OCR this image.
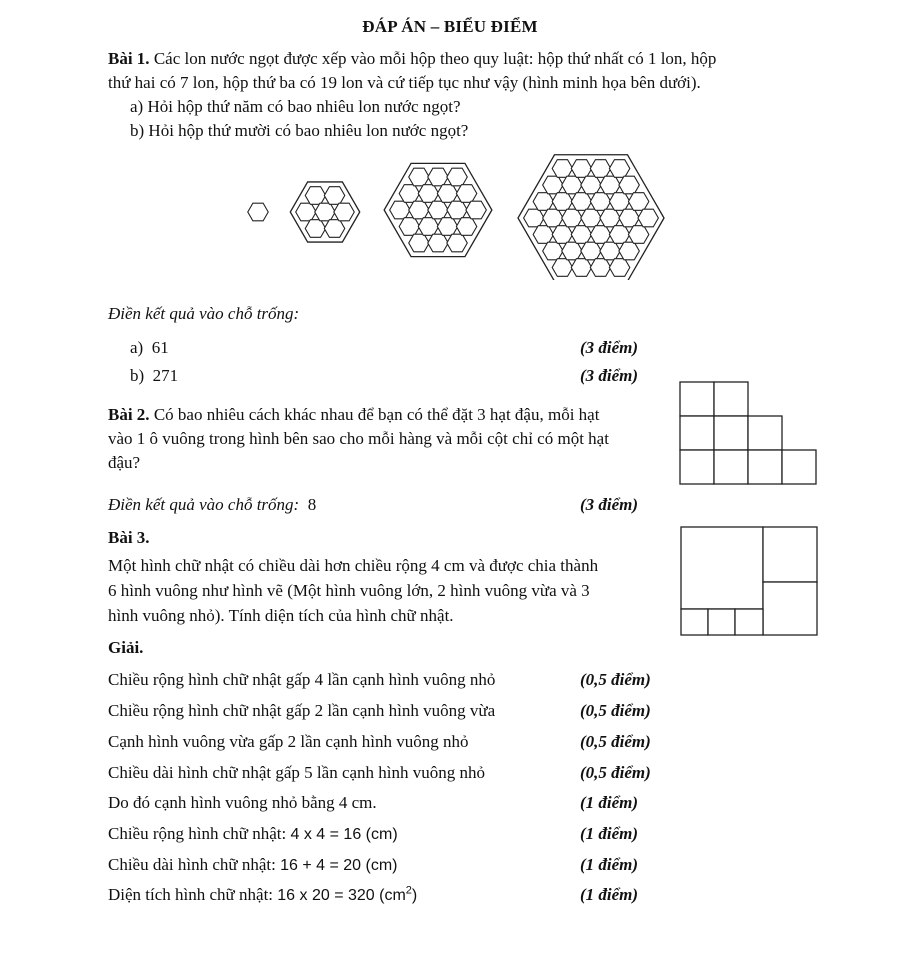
ĐÁP ÁN – BIỂU ĐIỂM
Bài 1. Các lon nước ngọt được xếp vào mỗi hộp theo quy luật: hộp thứ nhất có 1 lon, hộp
thứ hai có 7 lon, hộp thứ ba có 19 lon và cứ tiếp tục như vậy (hình minh họa bên dưới).
a) Hỏi hộp thứ năm có bao nhiêu lon nước ngọt?
b) Hỏi hộp thứ mười có bao nhiêu lon nước ngọt?
Điền kết quả vào chỗ trống:
a) 61	(3 điểm)
b) 271	(3 điểm)
Bài 2. Có bao nhiêu cách khác nhau để bạn có thể đặt 3 hạt đậu, mỗi hạt
vào 1 ô vuông trong hình bên sao cho mỗi hàng và mỗi cột chỉ có một hạt
đậu?
Điền kết quả vào chỗ trống: 8	(3 điểm)
Bài 3.
Một hình chữ nhật có chiều dài hơn chiều rộng 4 cm và được chia thành
6 hình vuông như hình vẽ (Một hình vuông lớn, 2 hình vuông vừa và 3
hình vuông nhỏ). Tính diện tích của hình chữ nhật.
Giải.
Chiều rộng hình chữ nhật gấp 4 lần cạnh hình vuông nhỏ	(0,5 điểm)
Chiều rộng hình chữ nhật gấp 2 lần cạnh hình vuông vừa	(0,5 điểm)
Cạnh hình vuông vừa gấp 2 lần cạnh hình vuông nhỏ	(0,5 điểm)
Chiều dài hình chữ nhật gấp 5 lần cạnh hình vuông nhỏ	(0,5 điểm)
Do đó cạnh hình vuông nhỏ bằng 4 cm.	(1 điểm)
Chiều rộng hình chữ nhật: 4 x 4 = 16 (cm)	(1 điểm)
Chiều dài hình chữ nhật: 16 + 4 = 20 (cm)	(1 điểm)
Diện tích hình chữ nhật: 16 x 20 = 320 $(cm^2)$	(1 điểm)
